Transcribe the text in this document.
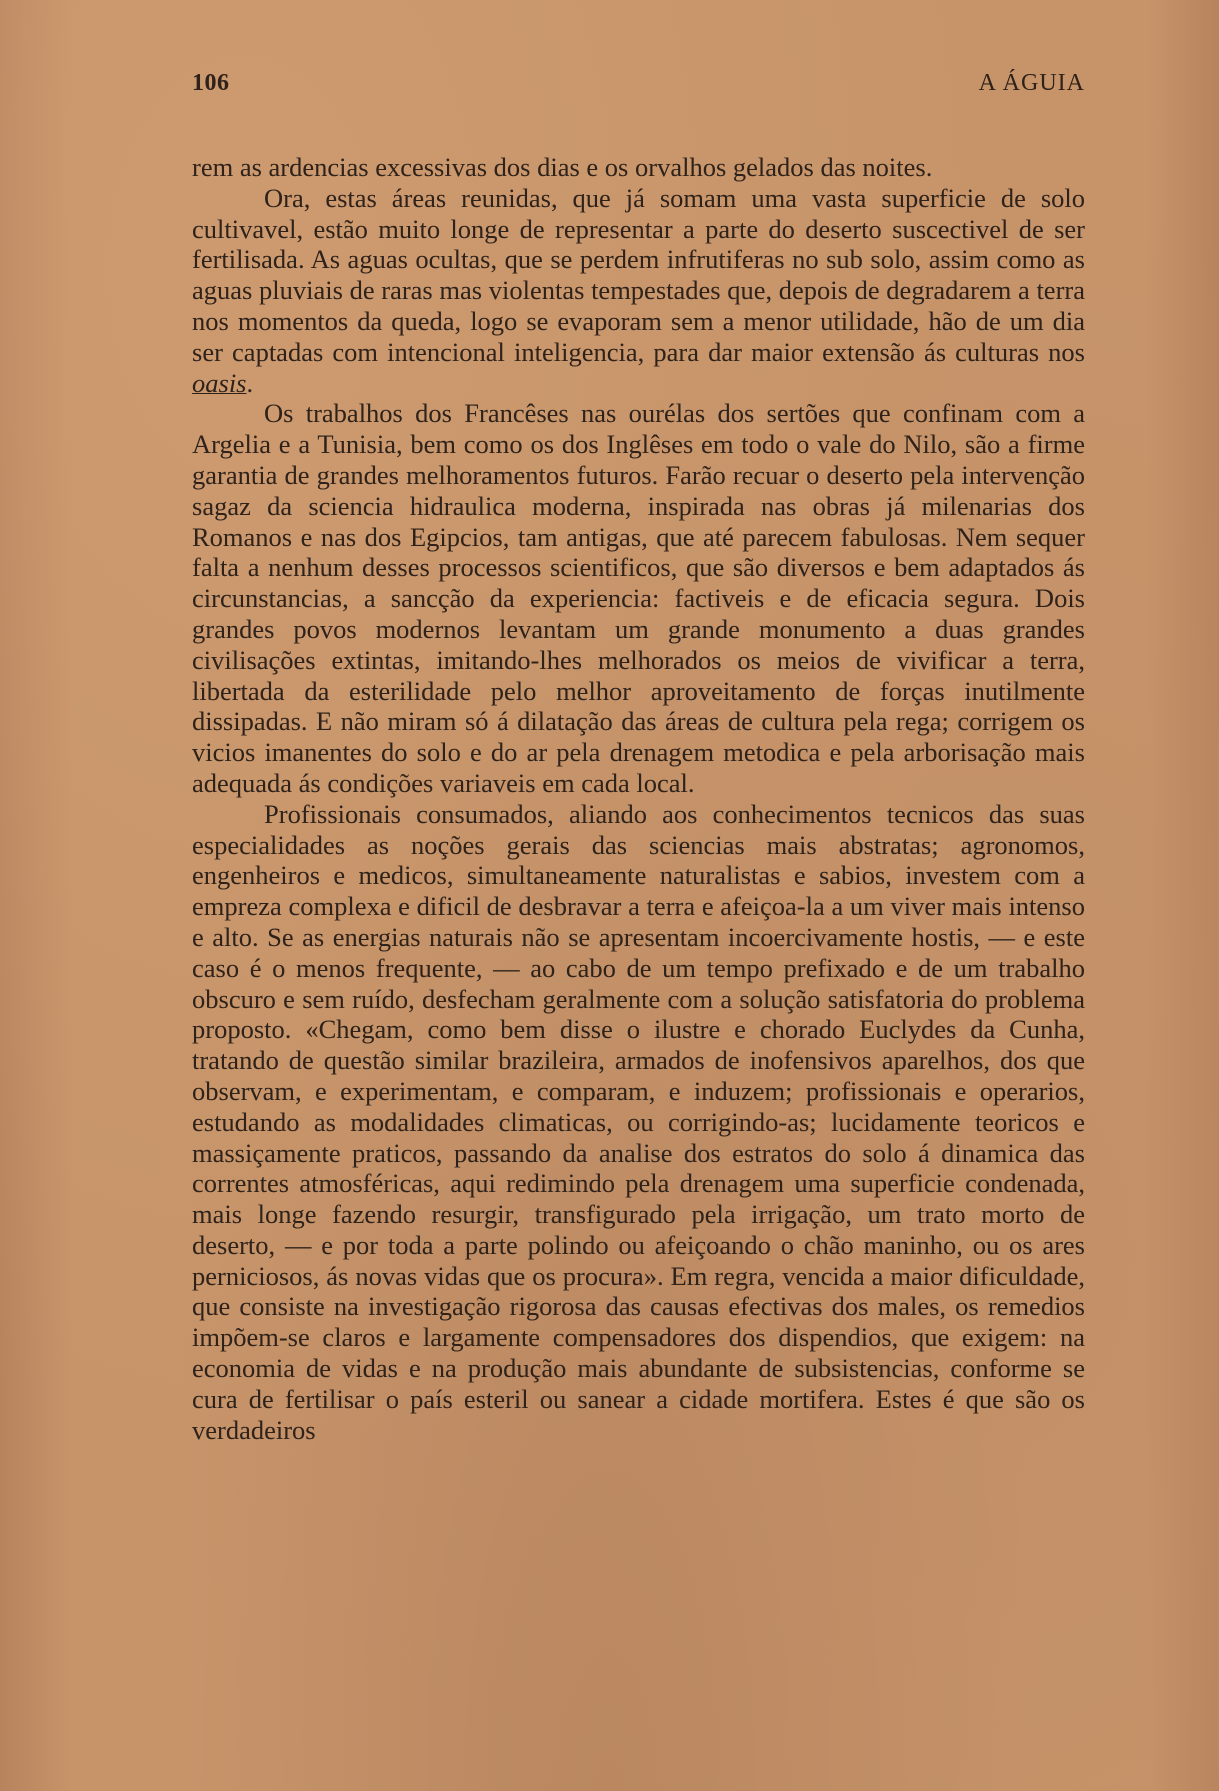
106	A ÁGUIA

rem as ardencias excessivas dos dias e os orvalhos gelados das noites.

Ora, estas áreas reunidas, que já somam uma vasta superficie de solo cultivavel, estão muito longe de representar a parte do deserto suscectivel de ser fertilisada. As aguas ocultas, que se perdem infrutiferas no sub solo, assim como as aguas pluviais de raras mas violentas tempestades que, depois de degradarem a terra nos momentos da queda, logo se evaporam sem a menor utilidade, hão de um dia ser captadas com intencional inteligencia, para dar maior extensão ás culturas nos oasis.

Os trabalhos dos Francêses nas ourélas dos sertões que confinam com a Argelia e a Tunisia, bem como os dos Inglêses em todo o vale do Nilo, são a firme garantia de grandes melhoramentos futuros. Farão recuar o deserto pela intervenção sagaz da sciencia hidraulica moderna, inspirada nas obras já milenarias dos Romanos e nas dos Egipcios, tam antigas, que até parecem fabulosas. Nem sequer falta a nenhum desses processos scientificos, que são diversos e bem adaptados ás circunstancias, a sancção da experiencia: factiveis e de eficacia segura. Dois grandes povos modernos levantam um grande monumento a duas grandes civilisações extintas, imitando-lhes melhorados os meios de vivificar a terra, libertada da esterilidade pelo melhor aproveitamento de forças inutilmente dissipadas. E não miram só á dilatação das áreas de cultura pela rega; corrigem os vicios imanentes do solo e do ar pela drenagem metodica e pela arborisação mais adequada ás condições variaveis em cada local.

Profissionais consumados, aliando aos conhecimentos tecnicos das suas especialidades as noções gerais das sciencias mais abstratas; agronomos, engenheiros e medicos, simultaneamente naturalistas e sabios, investem com a empreza complexa e dificil de desbravar a terra e afeiçoa-la a um viver mais intenso e alto. Se as energias naturais não se apresentam incoercivamente hostis, — e este caso é o menos frequente, — ao cabo de um tempo prefixado e de um trabalho obscuro e sem ruído, desfecham geralmente com a solução satisfatoria do problema proposto. «Chegam, como bem disse o ilustre e chorado Euclydes da Cunha, tratando de questão similar brazileira, armados de inofensivos aparelhos, dos que observam, e experimentam, e comparam, e induzem; profissionais e operarios, estudando as modalidades climaticas, ou corrigindo-as; lucidamente teoricos e massiçamente praticos, passando da analise dos estratos do solo á dinamica das correntes atmosféricas, aqui redimindo pela drenagem uma superficie condenada, mais longe fazendo resurgir, transfigurado pela irrigação, um trato morto de deserto, — e por toda a parte polindo ou afeiçoando o chão maninho, ou os ares perniciosos, ás novas vidas que os procura». Em regra, vencida a maior dificuldade, que consiste na investigação rigorosa das causas efectivas dos males, os remedios impõem-se claros e largamente compensadores dos dispendios, que exigem: na economia de vidas e na produção mais abundante de subsistencias, conforme se cura de fertilisar o país esteril ou sanear a cidade mortifera. Estes é que são os verdadeiros
